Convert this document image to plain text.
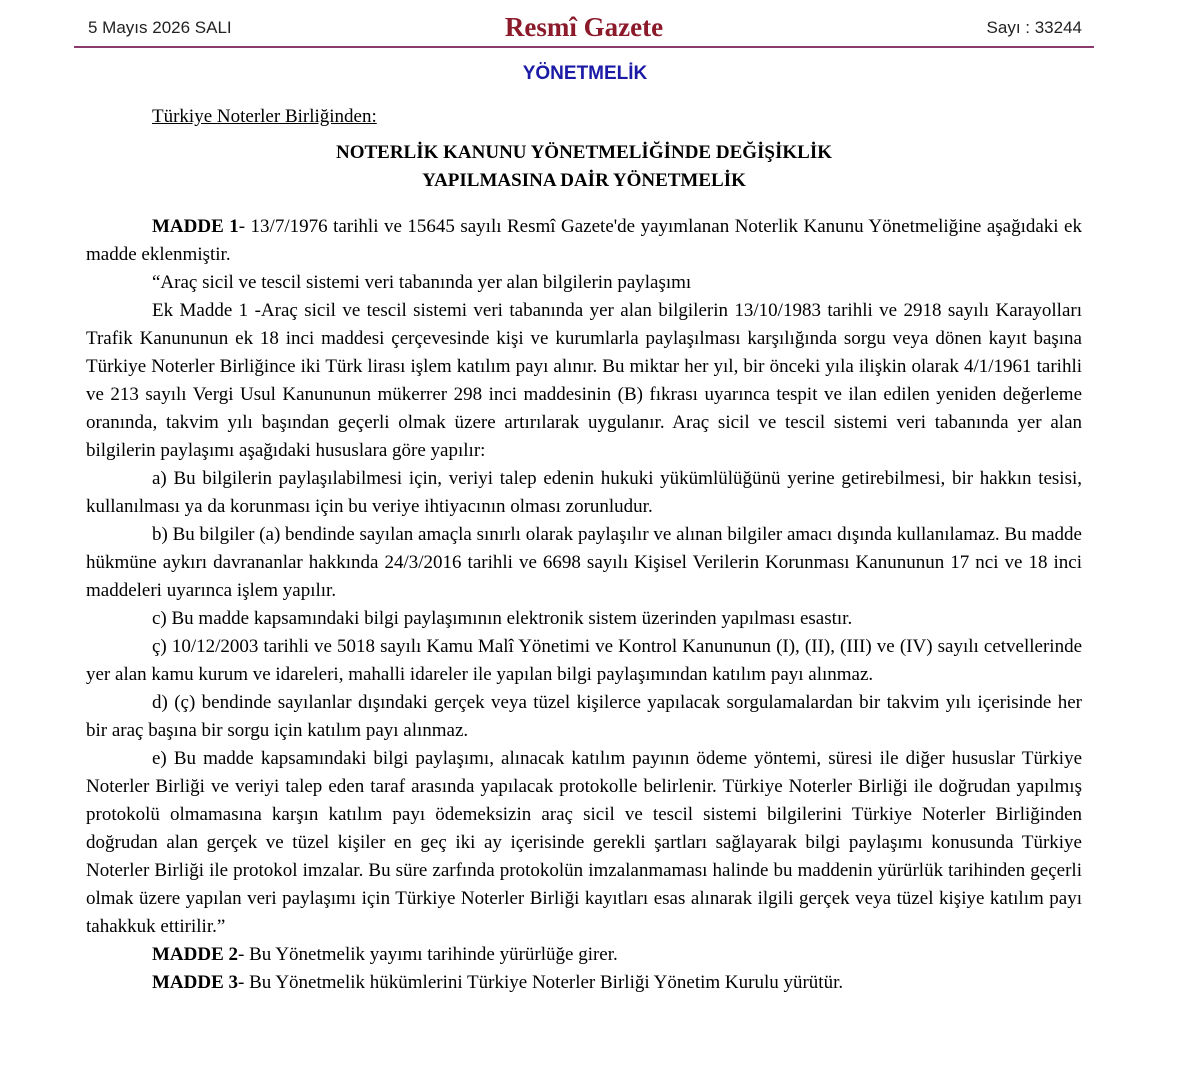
5 Mayıs 2026 SALI	Resmî Gazete	Sayı : 33244
YÖNETMELİK
Türkiye Noterler Birliğinden:
NOTERLİK KANUNU YÖNETMELİĞİNDE DEĞİŞİKLİK
YAPILMASINA DAİR YÖNETMELİK

MADDE 1- 13/7/1976 tarihli ve 15645 sayılı Resmî Gazete'de yayımlanan Noterlik Kanunu Yönetmeliğine aşağıdaki ek madde eklenmiştir.

“Araç sicil ve tescil sistemi veri tabanında yer alan bilgilerin paylaşımı

Ek Madde 1 -Araç sicil ve tescil sistemi veri tabanında yer alan bilgilerin 13/10/1983 tarihli ve 2918 sayılı Karayolları Trafik Kanununun ek 18 inci maddesi çerçevesinde kişi ve kurumlarla paylaşılması karşılığında sorgu veya dönen kayıt başına Türkiye Noterler Birliğince iki Türk lirası işlem katılım payı alınır. Bu miktar her yıl, bir önceki yıla ilişkin olarak 4/1/1961 tarihli ve 213 sayılı Vergi Usul Kanununun mükerrer 298 inci maddesinin (B) fıkrası uyarınca tespit ve ilan edilen yeniden değerleme oranında, takvim yılı başından geçerli olmak üzere artırılarak uygulanır. Araç sicil ve tescil sistemi veri tabanında yer alan bilgilerin paylaşımı aşağıdaki hususlara göre yapılır:

a) Bu bilgilerin paylaşılabilmesi için, veriyi talep edenin hukuki yükümlülüğünü yerine getirebilmesi, bir hakkın tesisi, kullanılması ya da korunması için bu veriye ihtiyacının olması zorunludur.

b) Bu bilgiler (a) bendinde sayılan amaçla sınırlı olarak paylaşılır ve alınan bilgiler amacı dışında kullanılamaz. Bu madde hükmüne aykırı davrananlar hakkında 24/3/2016 tarihli ve 6698 sayılı Kişisel Verilerin Korunması Kanununun 17 nci ve 18 inci maddeleri uyarınca işlem yapılır.

c) Bu madde kapsamındaki bilgi paylaşımının elektronik sistem üzerinden yapılması esastır.

ç) 10/12/2003 tarihli ve 5018 sayılı Kamu Malî Yönetimi ve Kontrol Kanununun (I), (II), (III) ve (IV) sayılı cetvellerinde yer alan kamu kurum ve idareleri, mahalli idareler ile yapılan bilgi paylaşımından katılım payı alınmaz.

d) (ç) bendinde sayılanlar dışındaki gerçek veya tüzel kişilerce yapılacak sorgulamalardan bir takvim yılı içerisinde her bir araç başına bir sorgu için katılım payı alınmaz.

e) Bu madde kapsamındaki bilgi paylaşımı, alınacak katılım payının ödeme yöntemi, süresi ile diğer hususlar Türkiye Noterler Birliği ve veriyi talep eden taraf arasında yapılacak protokolle belirlenir. Türkiye Noterler Birliği ile doğrudan yapılmış protokolü olmamasına karşın katılım payı ödemeksizin araç sicil ve tescil sistemi bilgilerini Türkiye Noterler Birliğinden doğrudan alan gerçek ve tüzel kişiler en geç iki ay içerisinde gerekli şartları sağlayarak bilgi paylaşımı konusunda Türkiye Noterler Birliği ile protokol imzalar. Bu süre zarfında protokolün imzalanmaması halinde bu maddenin yürürlük tarihinden geçerli olmak üzere yapılan veri paylaşımı için Türkiye Noterler Birliği kayıtları esas alınarak ilgili gerçek veya tüzel kişiye katılım payı tahakkuk ettirilir.”

MADDE 2- Bu Yönetmelik yayımı tarihinde yürürlüğe girer.

MADDE 3- Bu Yönetmelik hükümlerini Türkiye Noterler Birliği Yönetim Kurulu yürütür.
